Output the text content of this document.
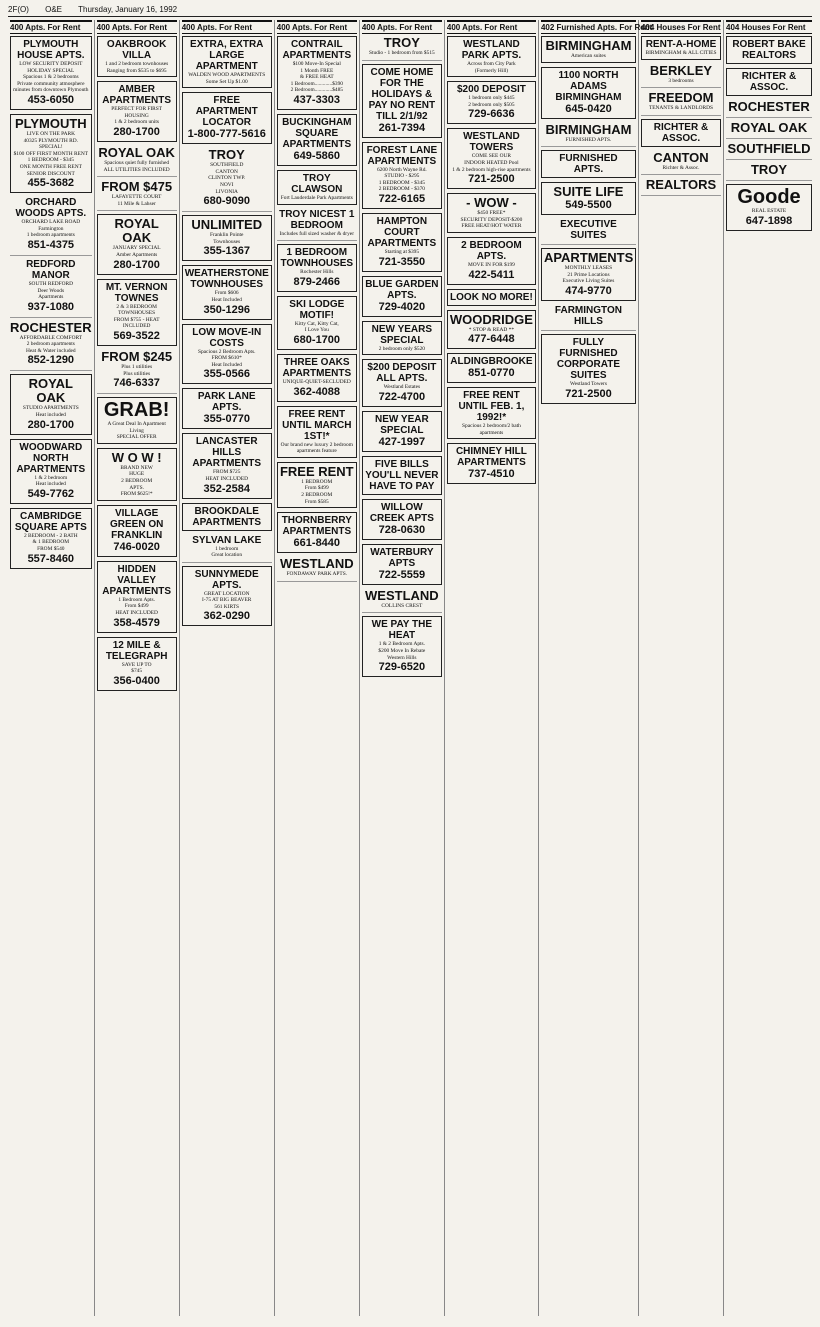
2F(O) O&E Thursday, January 16, 1992
400 Apts. For Rent
PLYMOUTH HOUSE APTS.
LOW SECURITY DEPOSIT
HOLIDAY SPECIAL
Spacious 1 & 2 bedrooms
Private community atmosphere
minutes from downtown Plymouth
453-6050
PLYMOUTH
LIVE ON THE PARK
40325 PLYMOUTH RD.
SPECIAL!
$100 OFF FIRST MONTH RENT
1 BEDROOM - $345
ONE MONTH FREE RENT
SENIOR DISCOUNT
455-3682
ORCHARD WOODS APTS.
ORCHARD LAKE ROAD
Farmington
1 bedroom apartments
851-4375
REDFORD MANOR
SOUTH REDFORD
Deer Woods
Apartments
937-1080
ROCHESTER
AFFORDABLE COMFORT
2 bedroom apartments
Heat & Water included
852-1290
ROYAL OAK
STUDIO APARTMENTS
Heat included
280-1700
WOODWARD NORTH APARTMENTS
1 & 2 bedroom
Heat included
549-7762
CAMBRIDGE SQUARE APTS
2 BEDROOM - 2 BATH
& 1 BEDROOM
FROM $540
557-8460
400 Apts. For Rent
OAKBROOK VILLA
1 and 2 bedroom townhouses
Ranging from $535 to $695
AMBER APARTMENTS
PERFECT FOR FIRST HOUSING
1 & 2 bedroom units
280-1700
ROYAL OAK
Spacious quiet fully furnished
ALL UTILITIES INCLUDED
FROM $475
LAFAYETTE COURT
11 Mile & Lahser
ROYAL OAK
JANUARY SPECIAL
Amber Apartments
280-1700
MT. VERNON TOWNES
2 & 3 BEDROOM
TOWNHOUSES
FROM $755 - HEAT INCLUDED
569-3522
FROM $245
Plus 1 utilities
Plus utilities
746-6337
GRAB!
A Great Deal In Apartment Living
SPECIAL OFFER
W O W !
BRAND NEW
HUGE
2 BEDROOM
APTS.
FROM $625!*
VILLAGE GREEN ON FRANKLIN
746-0020
HIDDEN VALLEY APARTMENTS
1 Bedroom Apts.
From $499
HEAT INCLUDED
358-4579
12 MILE & TELEGRAPH
SAVE UP TO
$745
356-0400
400 Apts. For Rent
EXTRA, EXTRA LARGE APARTMENT
WALDEN WOOD APARTMENTS
Some Set Up $1.00
FREE APARTMENT LOCATOR
1-800-777-5616
TROY
SOUTHFIELD
CANTON
CLINTON TWP.
NOVI
LIVONIA
680-9090
UNLIMITED
Franklin Pointe
Townhouses
355-1367
WEATHERSTONE TOWNHOUSES
From $606
Heat Included
350-1296
LOW MOVE-IN COSTS
Spacious 2 Bedroom Apts.
FROM $610*
Heat Included
355-0566
PARK LANE APTS.
355-0770
LANCASTER HILLS APARTMENTS
FROM $725
HEAT INCLUDED
352-2584
BROOKDALE APARTMENTS
SYLVAN LAKE
1 bedroom
Great location
SUNNYMEDE APTS.
GREAT LOCATION
I-75 AT BIG BEAVER
561 KIRTS
362-0290
400 Apts. For Rent
CONTRAIL APARTMENTS
$100 Move-In Special
1 Month FREE
& FREE HEAT
1 Bedroom.............$390
2 Bedroom.............$485
437-3303
BUCKINGHAM SQUARE APARTMENTS
649-5860
TROY CLAWSON
Fort Lauderdale Park Apartments
TROY NICEST 1 BEDROOM
Includes full sized washer & dryer
1 BEDROOM TOWNHOUSES
Rochester Hills
879-2466
SKI LODGE MOTIF!
Kitty Cat, Kitty Cat,
I Love You
680-1700
THREE OAKS APARTMENTS
UNIQUE-QUIET-SECLUDED
362-4088
FREE RENT UNTIL MARCH 1ST!*
Our brand new luxury 2 bedroom apartments feature
FREE RENT
1 BEDROOM
From $499
2 BEDROOM
From $585
THORNBERRY APARTMENTS
661-8440
WESTLAND
FONDAWAY PARK APTS.
400 Apts. For Rent
TROY
Studio - 1 bedroom from $515
COME HOME FOR THE HOLIDAYS & PAY NO RENT TILL 2/1/92
261-7394
FOREST LANE APARTMENTS
6200 North Wayne Rd.
STUDIO - $295
1 BEDROOM - $345
2 BEDROOM - $370
722-6165
HAMPTON COURT APARTMENTS
Starting at $395
721-3550
BLUE GARDEN APTS.
729-4020
NEW YEARS SPECIAL
2 bedroom only $520
$200 DEPOSIT ALL APTS.
Westland Estates
722-4700
NEW YEAR SPECIAL
427-1997
FIVE BILLS YOU'LL NEVER HAVE TO PAY
WILLOW CREEK APTS
728-0630
WATERBURY APTS
722-5559
WESTLAND
COLLINS CREST
WE PAY THE HEAT
1 & 2 Bedroom Apts.
$200 Move In Rebate
Western Hills
729-6520
400 Apts. For Rent
WESTLAND PARK APTS.
Across from City Park
(Formerly Hill)
$200 DEPOSIT
1 bedroom only $445
2 bedroom only $505
729-6636
WESTLAND TOWERS
COME SEE OUR
INDOOR HEATED Pool
1 & 2 bedroom high-rise apartments
721-2500
- WOW -
$450 FREE*
SECURITY DEPOSIT-$200
FREE HEAT/HOT WATER
2 BEDROOM APTS.
MOVE IN FOR $199
422-5411
LOOK NO MORE!
WOODRIDGE
* STOP & READ **
477-6448
ALDINGBROOKE
851-0770
FREE RENT UNTIL FEB. 1, 1992!*
Spacious 2 bedroom/2 bath apartments
CHIMNEY HILL APARTMENTS
737-4510
402 Furnished Apts. For Rent
BIRMINGHAM
American suites
1100 NORTH ADAMS BIRMINGHAM
645-0420
BIRMINGHAM
FURNISHED APTS.
FURNISHED APTS.
SUITE LIFE
549-5500
EXECUTIVE SUITES
APARTMENTS
MONTHLY LEASES
21 Prime Locations
Executive Living Suites
474-9770
FARMINGTON HILLS
FULLY FURNISHED CORPORATE SUITES
Westland Towers
721-2500
404 Houses For Rent
RENT-A-HOME
BIRMINGHAM & ALL CITIES
BERKLEY
3 bedrooms
FREEDOM
TENANTS & LANDLORDS
RICHTER & ASSOC.
CANTON
Richter & Assoc.
REALTORS
404 Houses For Rent
ROBERT BAKE REALTORS
RICHTER & ASSOC.
ROCHESTER
ROYAL OAK
SOUTHFIELD
TROY
Goode
REAL ESTATE
647-1898
